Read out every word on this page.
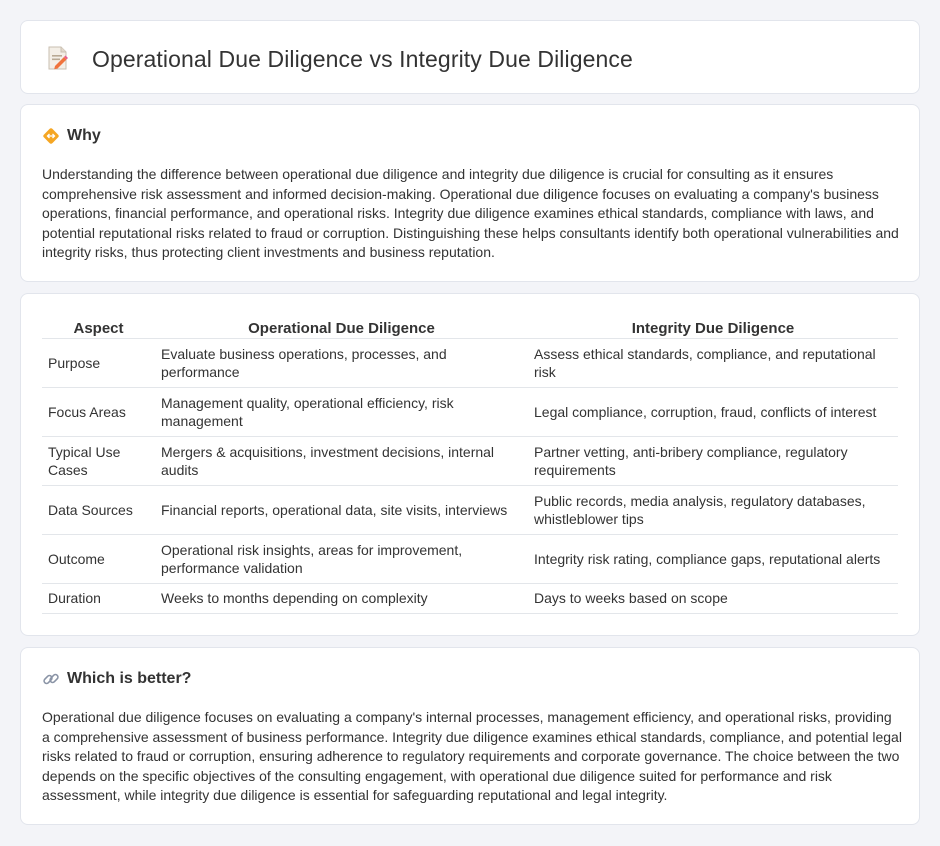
Operational Due Diligence vs Integrity Due Diligence
Why

Understanding the difference between operational due diligence and integrity due diligence is crucial for consulting as it ensures comprehensive risk assessment and informed decision-making. Operational due diligence focuses on evaluating a company's business operations, financial performance, and operational risks. Integrity due diligence examines ethical standards, compliance with laws, and potential reputational risks related to fraud or corruption. Distinguishing these helps consultants identify both operational vulnerabilities and integrity risks, thus protecting client investments and business reputation.

Aspect	Operational Due Diligence	Integrity Due Diligence
Purpose	Evaluate business operations, processes, and performance	Assess ethical standards, compliance, and reputational risk
Focus Areas	Management quality, operational efficiency, risk management	Legal compliance, corruption, fraud, conflicts of interest
Typical Use Cases	Mergers & acquisitions, investment decisions, internal audits	Partner vetting, anti-bribery compliance, regulatory requirements
Data Sources	Financial reports, operational data, site visits, interviews	Public records, media analysis, regulatory databases, whistleblower tips
Outcome	Operational risk insights, areas for improvement, performance validation	Integrity risk rating, compliance gaps, reputational alerts
Duration	Weeks to months depending on complexity	Days to weeks based on scope
Which is better?

Operational due diligence focuses on evaluating a company's internal processes, management efficiency, and operational risks, providing a comprehensive assessment of business performance. Integrity due diligence examines ethical standards, compliance, and potential legal risks related to fraud or corruption, ensuring adherence to regulatory requirements and corporate governance. The choice between the two depends on the specific objectives of the consulting engagement, with operational due diligence suited for performance and risk assessment, while integrity due diligence is essential for safeguarding reputational and legal integrity.
